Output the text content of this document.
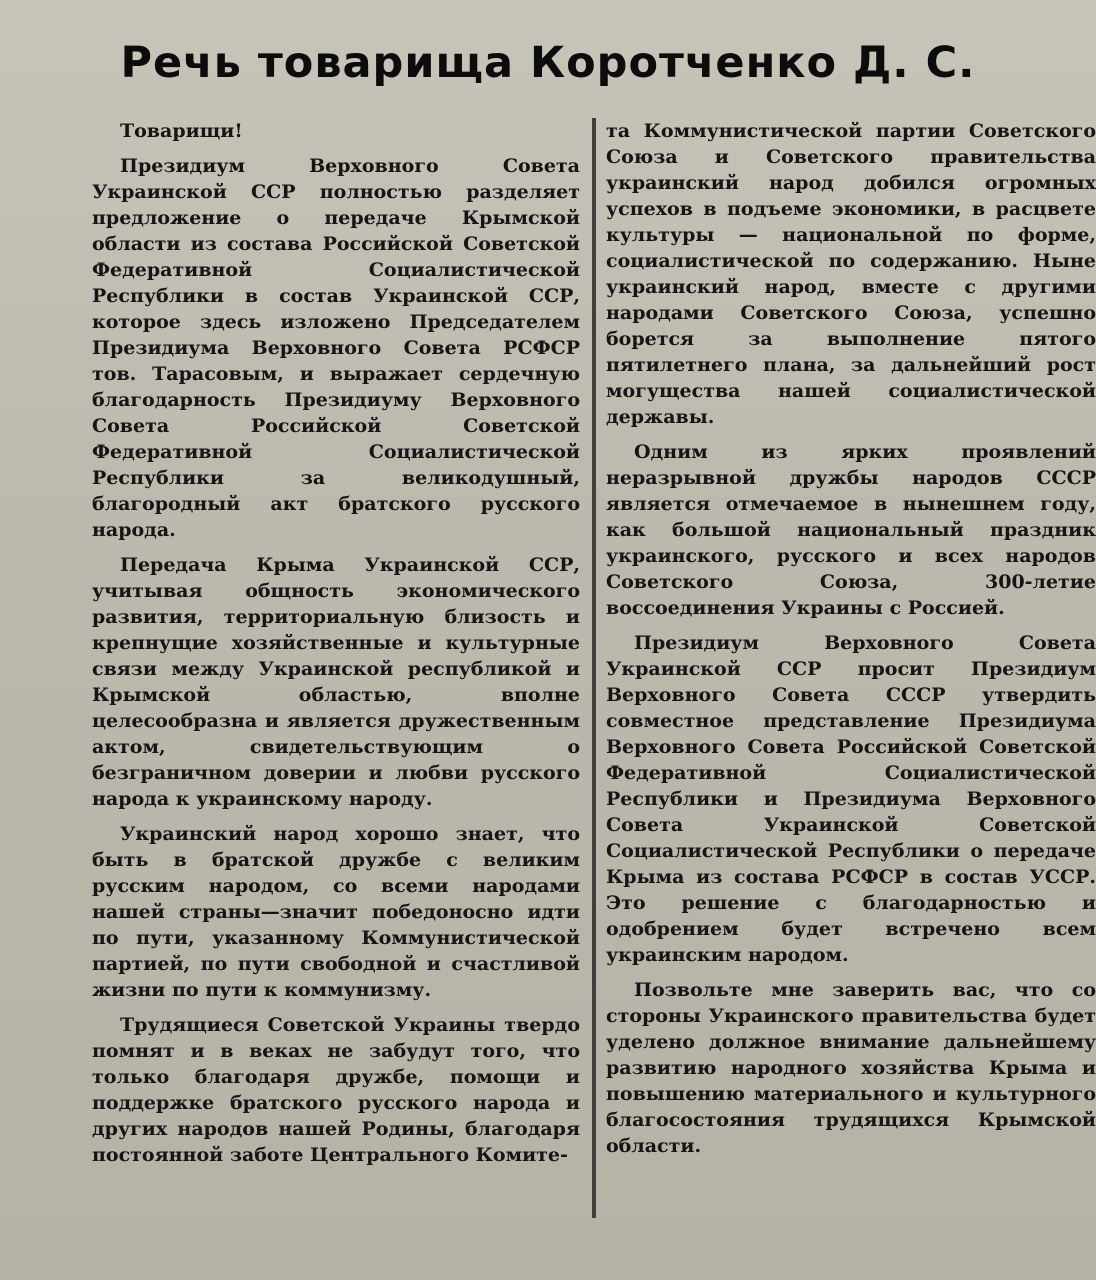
Речь товарища Коротченко Д. С.

Товарищи!

Президиум Верховного Совета Украинской ССР полностью разделяет предложение о передаче Крымской области из состава Российской Советской Федеративной Социалистической Республики в состав Украинской ССР, которое здесь изложено Председателем Президиума Верховного Совета РСФСР тов. Тарасовым, и выражает сердечную благодарность Президиуму Верховного Совета Российской Советской Федеративной Социалистической Республики за великодушный, благородный акт братского русского народа.

Передача Крыма Украинской ССР, учитывая общность экономического развития, территориальную близость и крепнущие хозяйственные и культурные связи между Украинской республикой и Крымской областью, вполне целесообразна и является дружественным актом, свидетельствующим о безграничном доверии и любви русского народа к украинскому народу.

Украинский народ хорошо знает, что быть в братской дружбе с великим русским народом, со всеми народами нашей страны—значит победоносно идти по пути, указанному Коммунистической партией, по пути свободной и счастливой жизни по пути к коммунизму.

Трудящиеся Советской Украины твердо помнят и в веках не забудут того, что только благодаря дружбе, помощи и поддержке братского русского народа и других народов нашей Родины, благодаря постоянной заботе Центрального Комите-

та Коммунистической партии Советского Союза и Советского правительства украинский народ добился огромных успехов в подъеме экономики, в расцвете культуры — национальной по форме, социалистической по содержанию. Ныне украинский народ, вместе с другими народами Советского Союза, успешно борется за выполнение пятого пятилетнего плана, за дальнейший рост могущества нашей социалистической державы.

Одним из ярких проявлений неразрывной дружбы народов СССР является отмечаемое в нынешнем году, как большой национальный праздник украинского, русского и всех народов Советского Союза, 300-летие воссоединения Украины с Россией.

Президиум Верховного Совета Украинской ССР просит Президиум Верховного Совета СССР утвердить совместное представление Президиума Верховного Совета Российской Советской Федеративной Социалистической Республики и Президиума Верховного Совета Украинской Советской Социалистической Республики о передаче Крыма из состава РСФСР в состав УССР. Это решение с благодарностью и одобрением будет встречено всем украинским народом.

Позвольте мне заверить вас, что со стороны Украинского правительства будет уделено должное внимание дальнейшему развитию народного хозяйства Крыма и повышению материального и культурного благосостояния трудящихся Крымской области.
